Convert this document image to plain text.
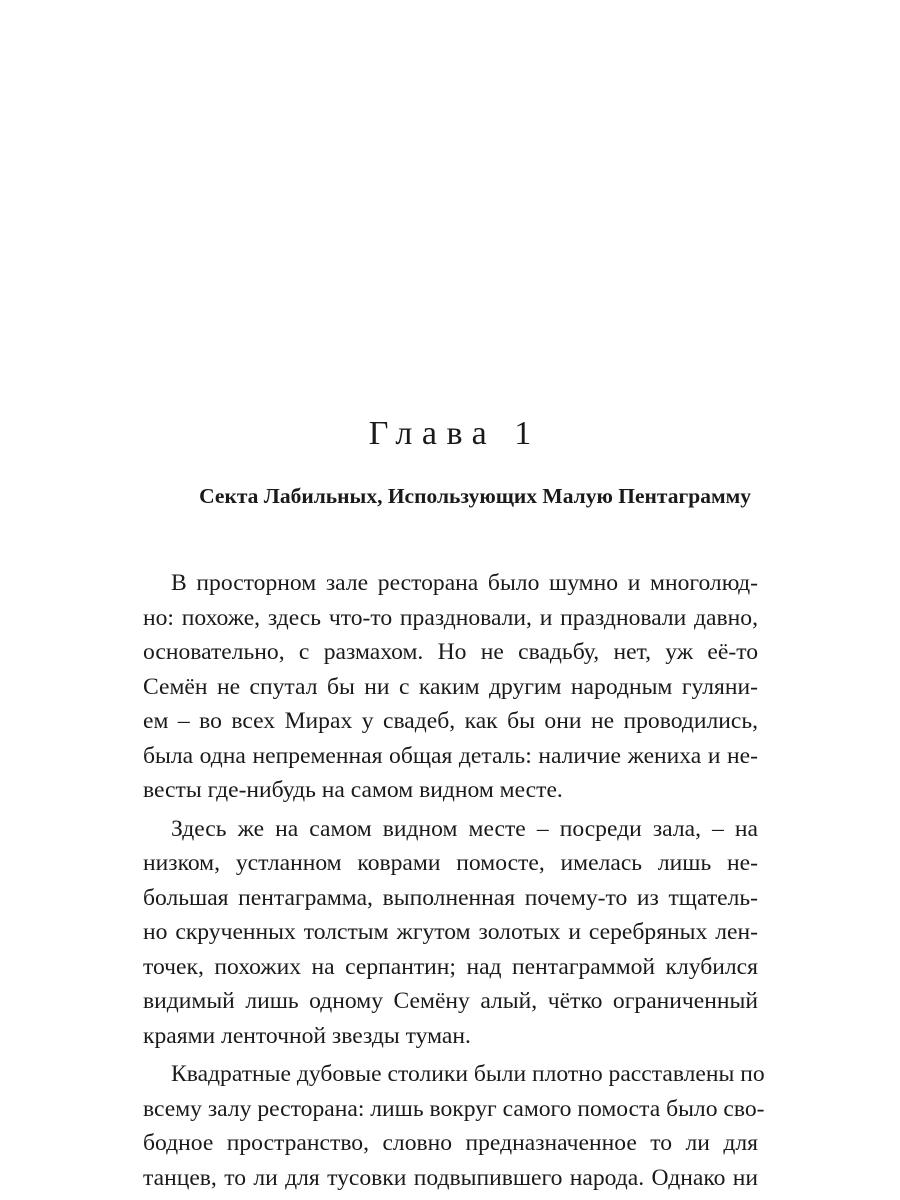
Глава 1
Секта Лабильных, Использующих Малую Пентаграмму
В просторном зале ресторана было шумно и многолюд-
но: похоже, здесь что-то праздновали, и праздновали давно,
основательно, с размахом. Но не свадьбу, нет, уж её-то
Семён не спутал бы ни с каким другим народным гуляни-
ем – во всех Мирах у свадеб, как бы они не проводились,
была одна непременная общая деталь: наличие жениха и не-
весты где-нибудь на самом видном месте.
Здесь же на самом видном месте – посреди зала, – на
низком, устланном коврами помосте, имелась лишь не-
большая пентаграмма, выполненная почему-то из тщатель-
но скрученных толстым жгутом золотых и серебряных лен-
точек, похожих на серпантин; над пентаграммой клубился
видимый лишь одному Семёну алый, чётко ограниченный
краями ленточной звезды туман.
Квадратные дубовые столики были плотно расставлены по
всему залу ресторана: лишь вокруг самого помоста было сво-
бодное пространство, словно предназначенное то ли для
танцев, то ли для тусовки подвыпившего народа. Однако ни
